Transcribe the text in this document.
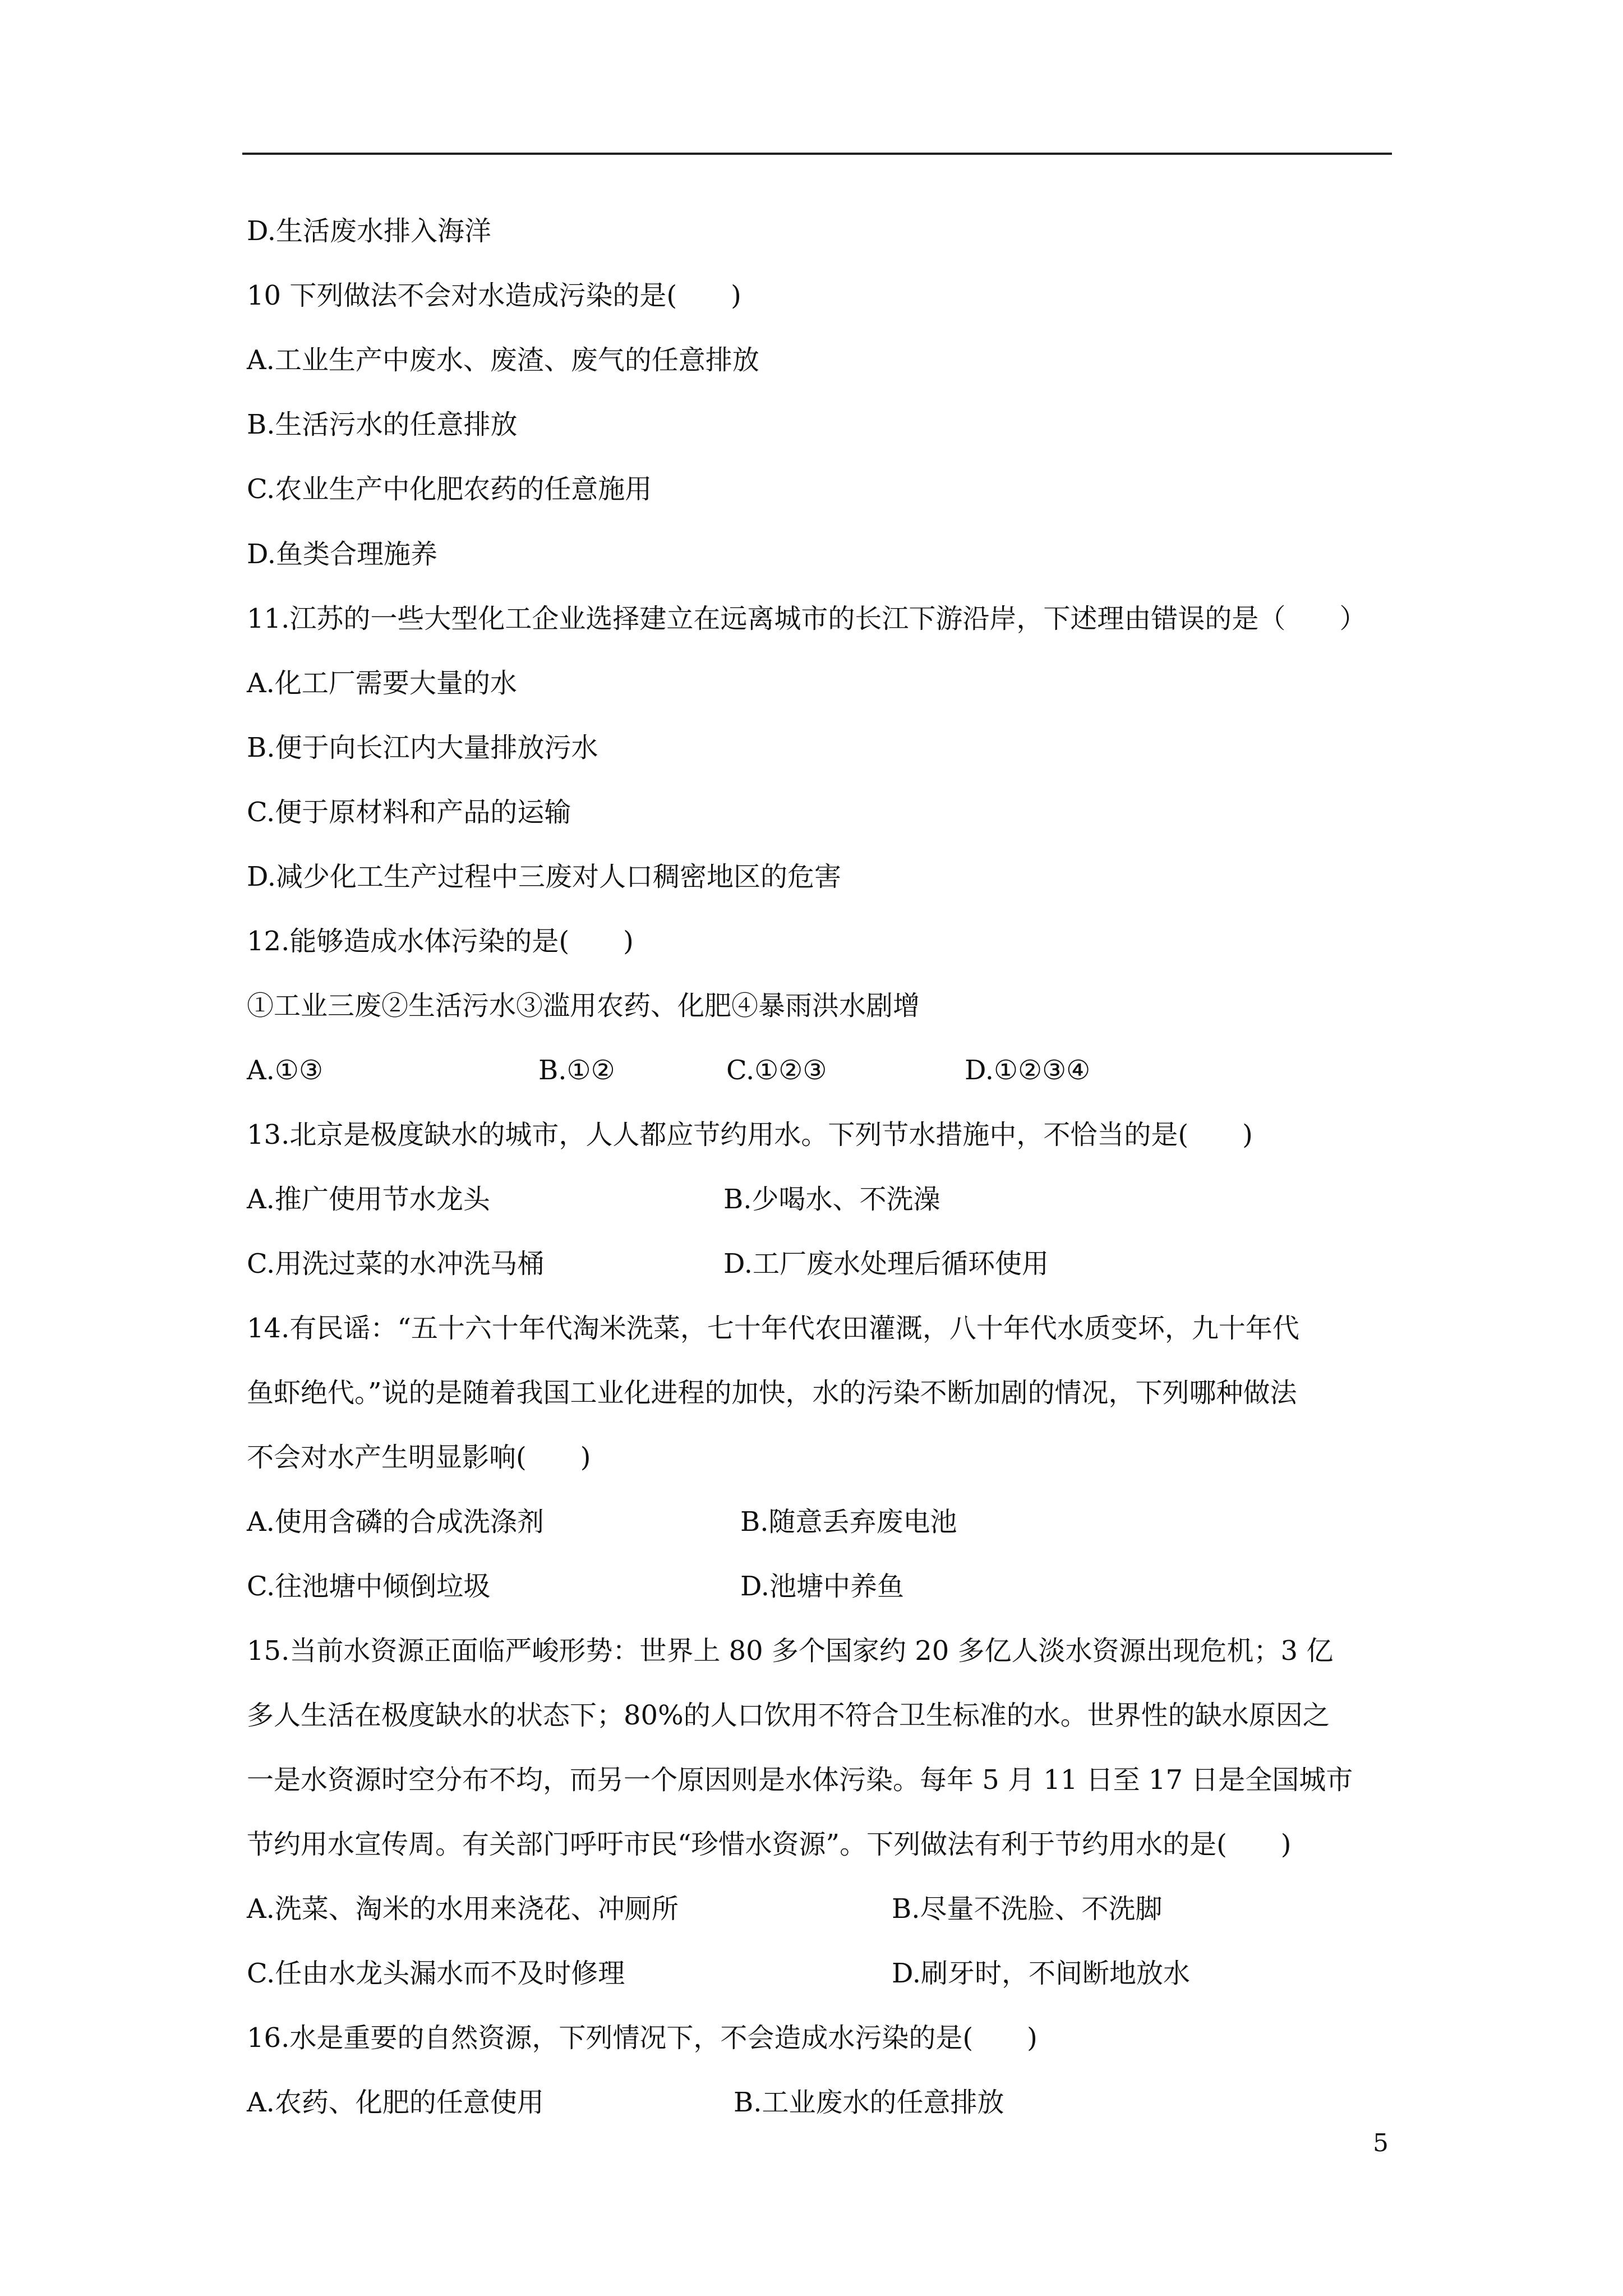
D.生活废水排入海洋
10 下列做法不会对水造成污染的是(　　)
A.工业生产中废水、废渣、废气的任意排放
B.生活污水的任意排放
C.农业生产中化肥农药的任意施用
D.鱼类合理施养
11.江苏的一些大型化工企业选择建立在远离城市的长江下游沿岸，下述理由错误的是（　　）
A.化工厂需要大量的水
B.便于向长江内大量排放污水
C.便于原材料和产品的运输
D.减少化工生产过程中三废对人口稠密地区的危害
12.能够造成水体污染的是(　　)
①工业三废②生活污水③滥用农药、化肥④暴雨洪水剧增
A.①③	B.①②	C.①②③	D.①②③④
13.北京是极度缺水的城市，人人都应节约用水。下列节水措施中，不恰当的是(　　)
A.推广使用节水龙头	B.少喝水、不洗澡
C.用洗过菜的水冲洗马桶	D.工厂废水处理后循环使用
14.有民谣：“五十六十年代淘米洗菜，七十年代农田灌溉，八十年代水质变坏，九十年代
鱼虾绝代。”说的是随着我国工业化进程的加快，水的污染不断加剧的情况，下列哪种做法
不会对水产生明显影响(　　)
A.使用含磷的合成洗涤剂	B.随意丢弃废电池
C.往池塘中倾倒垃圾	D.池塘中养鱼
15.当前水资源正面临严峻形势：世界上 80 多个国家约 20 多亿人淡水资源出现危机；3 亿
多人生活在极度缺水的状态下；80%的人口饮用不符合卫生标准的水。世界性的缺水原因之
一是水资源时空分布不均，而另一个原因则是水体污染。每年 5 月 11 日至 17 日是全国城市
节约用水宣传周。有关部门呼吁市民“珍惜水资源”。下列做法有利于节约用水的是(　　)
A.洗菜、淘米的水用来浇花、冲厕所	B.尽量不洗脸、不洗脚
C.任由水龙头漏水而不及时修理	D.刷牙时，不间断地放水
16.水是重要的自然资源，下列情况下，不会造成水污染的是(　　)
A.农药、化肥的任意使用	B.工业废水的任意排放
5
